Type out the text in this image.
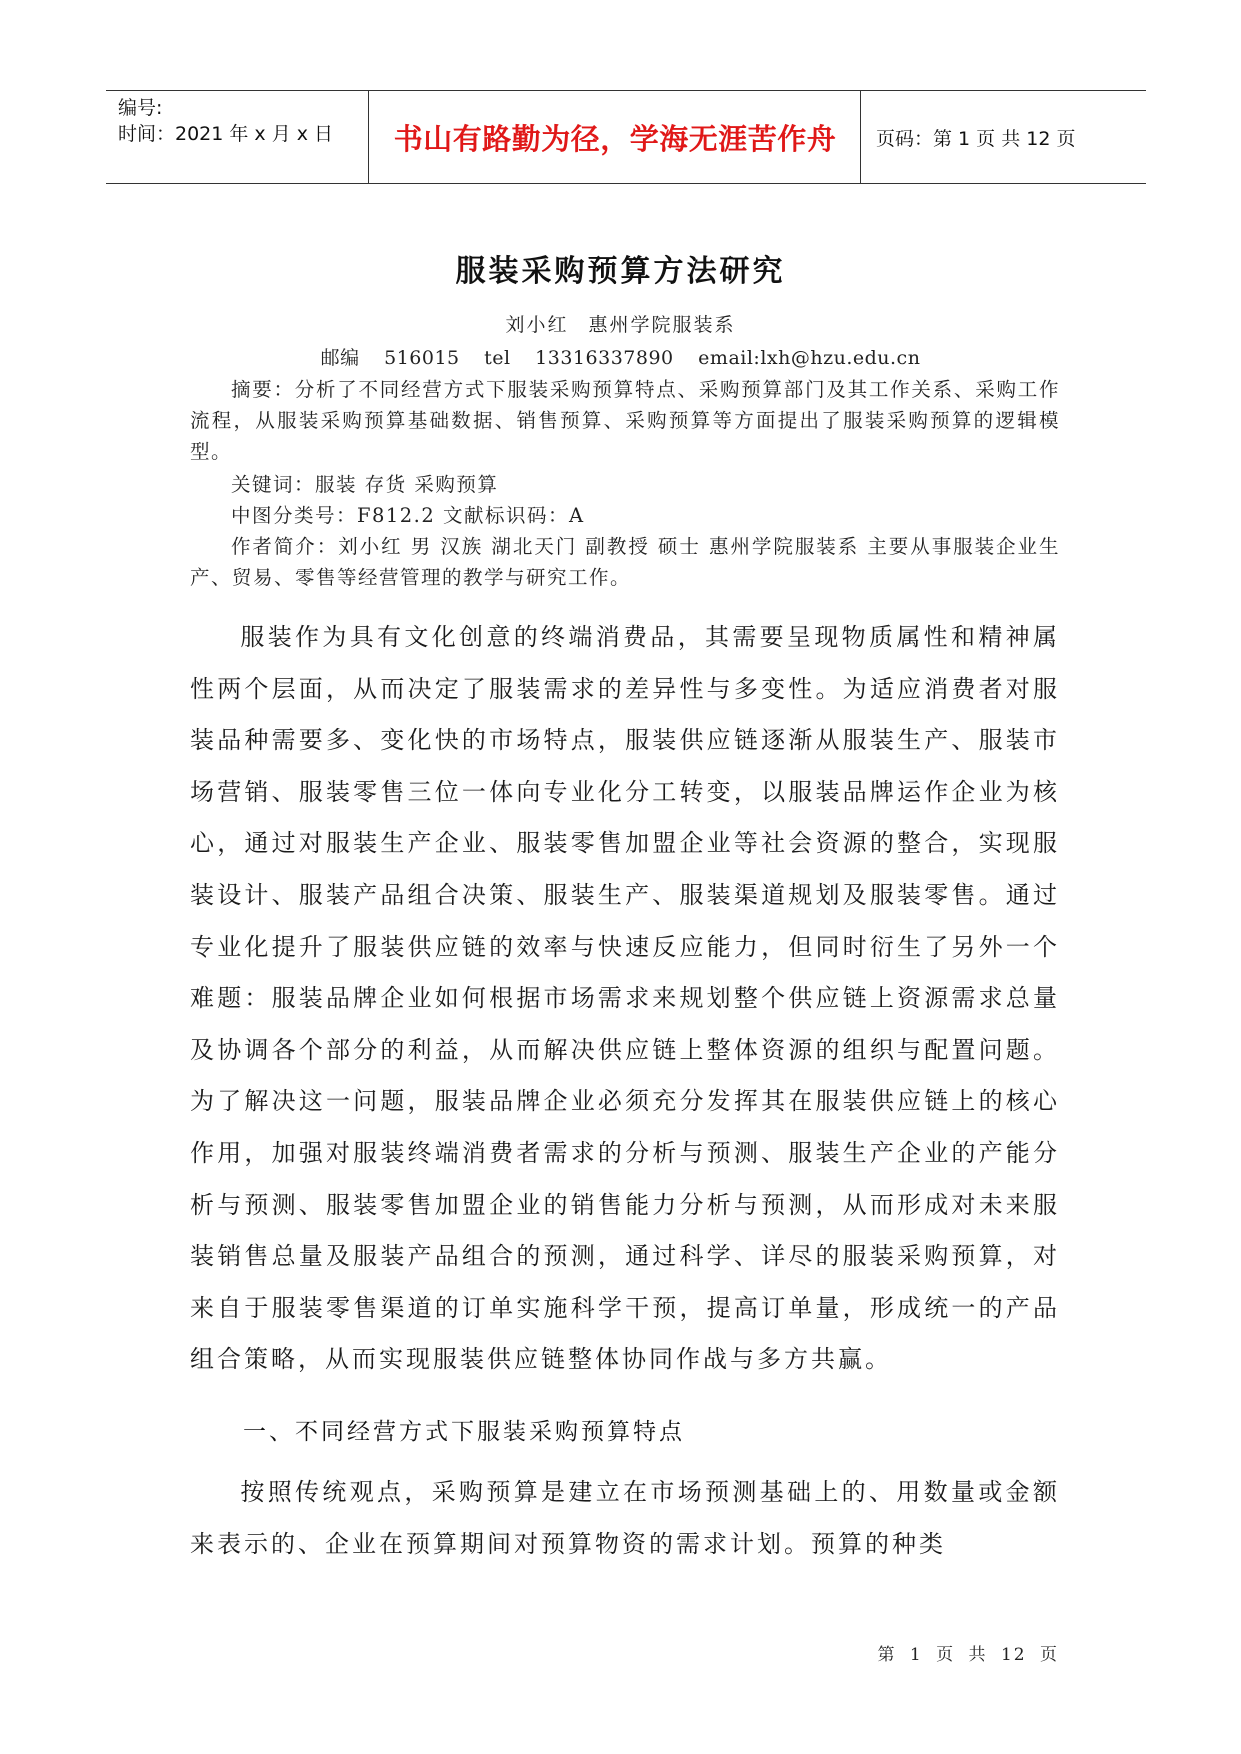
编号:
时间：2021 年 x 月 x 日	书山有路勤为径，学海无涯苦作舟	页码：第 1 页 共 12 页
服装采购预算方法研究
刘小红 惠州学院服装系
邮编 516015 tel 13316337890 email:lxh@hzu.edu.cn

摘要：分析了不同经营方式下服装采购预算特点、采购预算部门及其工作关系、采购工作流程，从服装采购预算基础数据、销售预算、采购预算等方面提出了服装采购预算的逻辑模型。

关键词：服装 存货 采购预算

中图分类号：F812.2 文献标识码：A

作者简介：刘小红 男 汉族 湖北天门 副教授 硕士 惠州学院服装系 主要从事服装企业生产、贸易、零售等经营管理的教学与研究工作。

服装作为具有文化创意的终端消费品，其需要呈现物质属性和精神属性两个层面，从而决定了服装需求的差异性与多变性。为适应消费者对服装品种需要多、变化快的市场特点，服装供应链逐渐从服装生产、服装市场营销、服装零售三位一体向专业化分工转变，以服装品牌运作企业为核心，通过对服装生产企业、服装零售加盟企业等社会资源的整合，实现服装设计、服装产品组合决策、服装生产、服装渠道规划及服装零售。通过专业化提升了服装供应链的效率与快速反应能力，但同时衍生了另外一个难题：服装品牌企业如何根据市场需求来规划整个供应链上资源需求总量及协调各个部分的利益，从而解决供应链上整体资源的组织与配置问题。为了解决这一问题，服装品牌企业必须充分发挥其在服装供应链上的核心作用，加强对服装终端消费者需求的分析与预测、服装生产企业的产能分析与预测、服装零售加盟企业的销售能力分析与预测，从而形成对未来服装销售总量及服装产品组合的预测，通过科学、详尽的服装采购预算，对来自于服装零售渠道的订单实施科学干预，提高订单量，形成统一的产品组合策略，从而实现服装供应链整体协同作战与多方共赢。

一、不同经营方式下服装采购预算特点

按照传统观点，采购预算是建立在市场预测基础上的、用数量或金额来表示的、企业在预算期间对预算物资的需求计划。预算的种类

第 1 页 共 12 页
